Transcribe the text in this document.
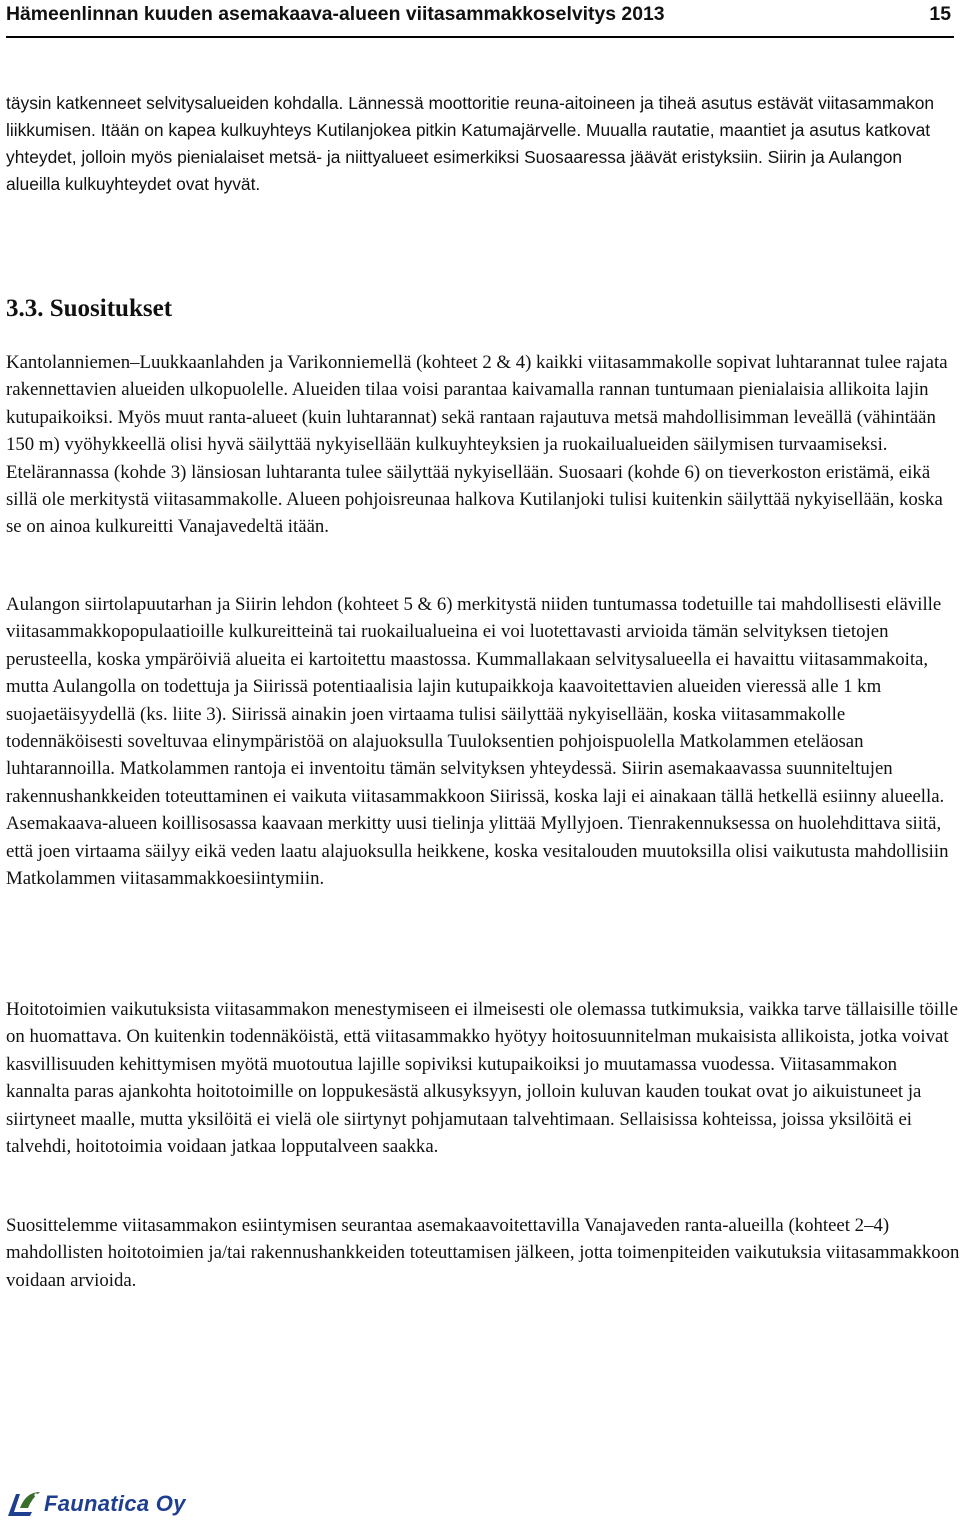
Hämeenlinnan kuuden asemakaava-alueen viitasammakkoselvitys 2013	15

täysin katkenneet selvitysalueiden kohdalla. Lännessä moottoritie reuna-aitoineen ja tiheä asutus estävät viitasammakon liikkumisen. Itään on kapea kulkuyhteys Kutilanjokea pitkin Katumajärvelle. Muualla rautatie, maantiet ja asutus katkovat yhteydet, jolloin myös pienialaiset metsä- ja niittyalueet esimerkiksi Suosaaressa jäävät eristyksiin. Siirin ja Aulangon alueilla kulkuyhteydet ovat hyvät.

3.3. Suositukset

Kantolanniemen–Luukkaanlahden ja Varikonniemellä (kohteet 2 & 4) kaikki viitasammakolle sopivat luhtarannat tulee rajata rakennettavien alueiden ulkopuolelle. Alueiden tilaa voisi parantaa kaivamalla rannan tuntumaan pienialaisia allikoita lajin kutupaikoiksi. Myös muut ranta-alueet (kuin luhtarannat) sekä rantaan rajautuva metsä mahdollisimman leveällä (vähintään 150 m) vyöhykkeellä olisi hyvä säilyttää nykyisellään kulkuyhteyksien ja ruokailualueiden säilymisen turvaamiseksi. Etelärannassa (kohde 3) länsiosan luhtaranta tulee säilyttää nykyisellään. Suosaari (kohde 6) on tieverkoston eristämä, eikä sillä ole merkitystä viitasammakolle. Alueen pohjoisreunaa halkova Kutilanjoki tulisi kuitenkin säilyttää nykyisellään, koska se on ainoa kulkureitti Vanajavedeltä itään.

Aulangon siirtolapuutarhan ja Siirin lehdon (kohteet 5 & 6) merkitystä niiden tuntumassa todetuille tai mahdollisesti eläville viitasammakkopopulaatioille kulkureitteinä tai ruokailualueina ei voi luotettavasti arvioida tämän selvityksen tietojen perusteella, koska ympäröiviä alueita ei kartoitettu maastossa. Kummallakaan selvitysalueella ei havaittu viitasammakoita, mutta Aulangolla on todettuja ja Siirissä potentiaalisia lajin kutupaikkoja kaavoitettavien alueiden vieressä alle 1 km suojaetäisyydellä (ks. liite 3). Siirissä ainakin joen virtaama tulisi säilyttää nykyisellään, koska viitasammakolle todennäköisesti soveltuvaa elinympäristöä on alajuoksulla Tuuloksentien pohjoispuolella Matkolammen eteläosan luhtarannoilla. Matkolammen rantoja ei inventoitu tämän selvityksen yhteydessä. Siirin asemakaavassa suunniteltujen rakennushankkeiden toteuttaminen ei vaikuta viitasammakkoon Siirissä, koska laji ei ainakaan tällä hetkellä esiinny alueella. Asemakaava-alueen koillisosassa kaavaan merkitty uusi tielinja ylittää Myllyjoen. Tienrakennuksessa on huolehdittava siitä, että joen virtaama säilyy eikä veden laatu alajuoksulla heikkene, koska vesitalouden muutoksilla olisi vaikutusta mahdollisiin Matkolammen viitasammakkoesiintymiin.

Hoitotoimien vaikutuksista viitasammakon menestymiseen ei ilmeisesti ole olemassa tutkimuksia, vaikka tarve tällaisille töille on huomattava. On kuitenkin todennäköistä, että viitasammakko hyötyy hoitosuunnitelman mukaisista allikoista, jotka voivat kasvillisuuden kehittymisen myötä muotoutua lajille sopiviksi kutupaikoiksi jo muutamassa vuodessa. Viitasammakon kannalta paras ajankohta hoitotoimille on loppukesästä alkusyksyyn, jolloin kuluvan kauden toukat ovat jo aikuistuneet ja siirtyneet maalle, mutta yksilöitä ei vielä ole siirtynyt pohjamutaan talvehtimaan. Sellaisissa kohteissa, joissa yksilöitä ei talvehdi, hoitotoimia voidaan jatkaa lopputalveen saakka.

Suosittelemme viitasammakon esiintymisen seurantaa asemakaavoitettavilla Vanajaveden ranta-alueilla (kohteet 2–4) mahdollisten hoitotoimien ja/tai rakennushankkeiden toteuttamisen jälkeen, jotta toimenpiteiden vaikutuksia viitasammakkoon voidaan arvioida.

Faunatica Oy
